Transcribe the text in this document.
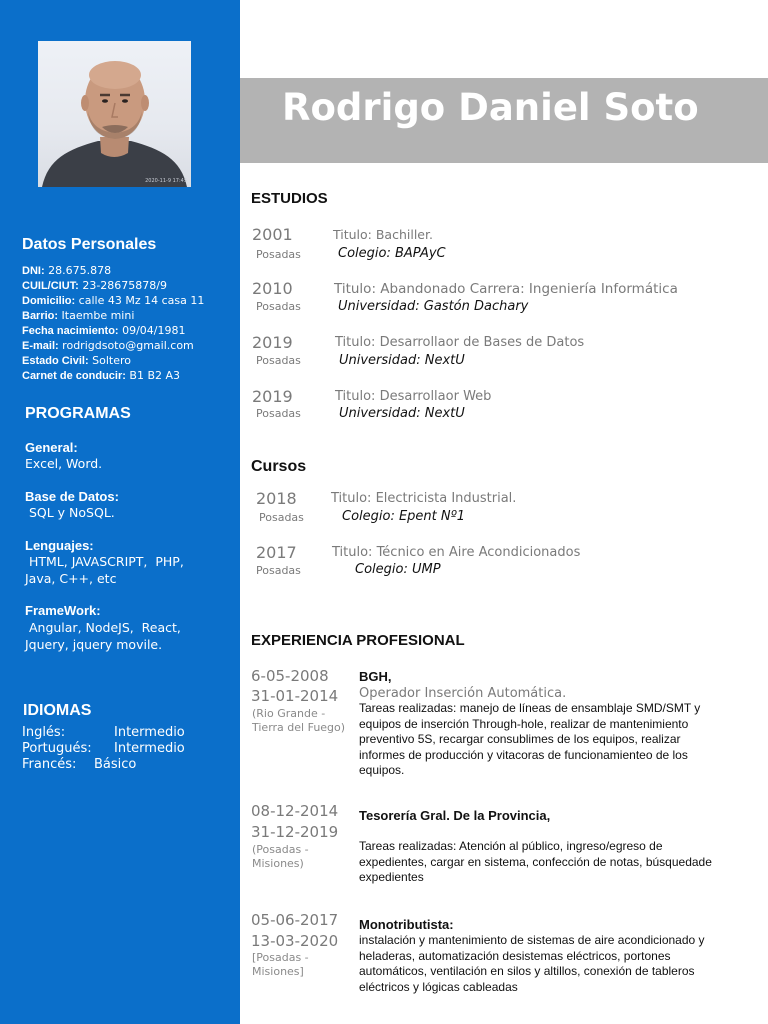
2020-11-9 17:45
Datos Personales
DNI: 28.675.878
CUIL/CIUT: 23-28675878/9
Domicilio: calle 43 Mz 14 casa 11
Barrio: Itaembe mini
Fecha nacimiento: 09/04/1981
E-mail: rodrigdsoto@gmail.com
Estado Civil: Soltero
Carnet de conducir: B1 B2 A3
PROGRAMAS
General:
Excel, Word.
Base de Datos:
SQL y NoSQL.
Lenguajes:
HTML, JAVASCRIPT,  PHP,
Java, C++, etc
FrameWork:
Angular, NodeJS,  React,
Jquery, jquery movile.
IDIOMAS
Inglés:	Intermedio
Portugués: Intermedio
Francés: Básico
Rodrigo Daniel Soto
ESTUDIOS
2001
Posadas
Titulo: Bachiller.
Colegio: BAPAyC
2010
Posadas
Titulo: Abandonado Carrera: Ingeniería Informática
Universidad: Gastón Dachary
2019
Posadas
Titulo: Desarrollaor de Bases de Datos
Universidad: NextU
2019
Posadas
Titulo: Desarrollaor Web
Universidad: NextU
Cursos
2018
Posadas
Titulo: Electricista Industrial.
Colegio: Epent Nº1
2017
Posadas
Titulo: Técnico en Aire Acondicionados
Colegio: UMP
EXPERIENCIA PROFESIONAL
6-05-2008
31-01-2014
(Rio Grande - Tierra del Fuego)
BGH,
Operador Inserción Automática.
Tareas realizadas: manejo de líneas de ensamblaje SMD/SMT y equipos de inserción Through-hole, realizar de mantenimiento preventivo 5S, recargar consublimes de los equipos, realizar informes de producción y vitacoras de funcionamienteo de los equipos.
08-12-2014
31-12-2019
(Posadas - Misiones)
Tesorería Gral. De la Provincia,
Tareas realizadas: Atención al público, ingreso/egreso de expedientes, cargar en sistema, confección de notas, búsquedade expedientes
05-06-2017
13-03-2020
[Posadas - Misiones]
Monotributista:
instalación y mantenimiento de sistemas de aire acondicionado y heladeras, automatización desistemas eléctricos, portones automáticos, ventilación en silos y altillos, conexión de tableros eléctricos y lógicas cableadas
